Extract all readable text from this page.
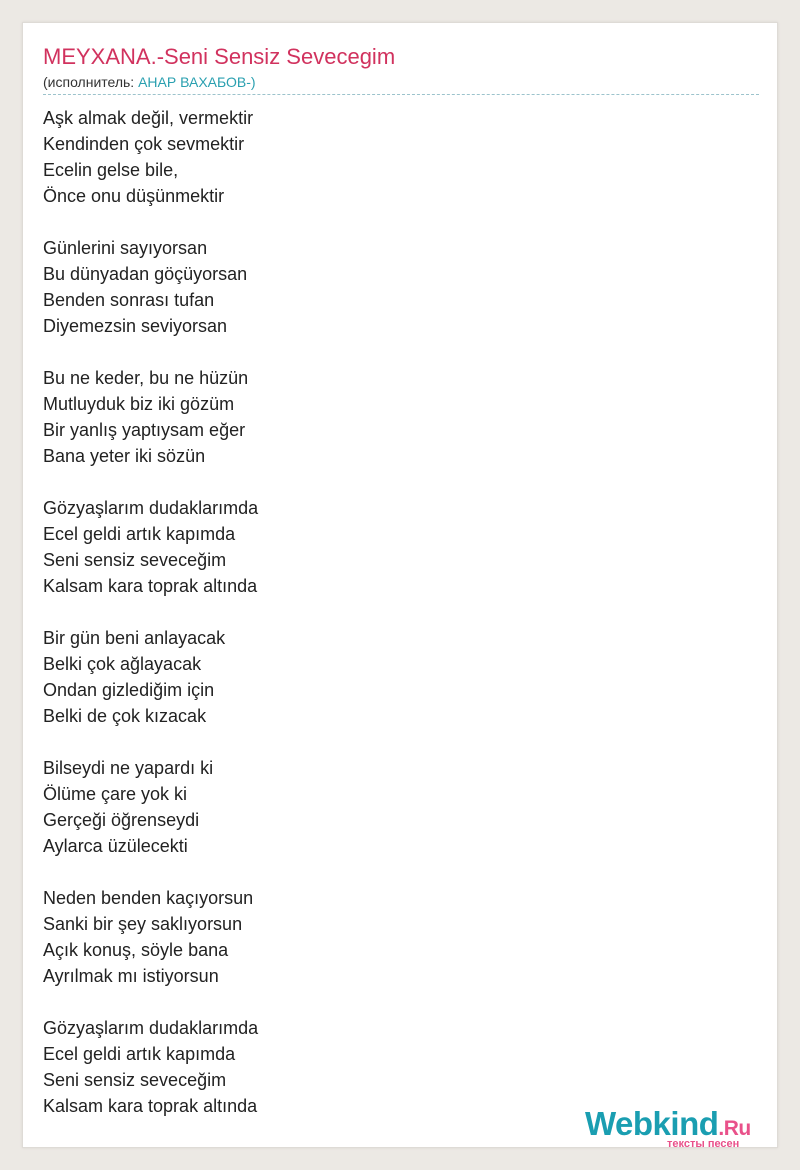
MEYXANA.-Seni Sensiz Sevecegim
(исполнитель: АНАР ВАХАБОВ-)
Aşk almak değil, vermektir
Kendinden çok sevmektir
Ecelin gelse bile,
Önce onu düşünmektir
Günlerini sayıyorsan
Bu dünyadan göçüyorsan
Benden sonrası tufan
Diyemezsin seviyorsan
Bu ne keder, bu ne hüzün
Mutluyduk biz iki gözüm
Bir yanlış yaptıysam eğer
Bana yeter iki sözün
Gözyaşlarım dudaklarımda
Ecel geldi artık kapımda
Seni sensiz seveceğim
Kalsam kara toprak altında
Bir gün beni anlayacak
Belki çok ağlayacak
Ondan gizlediğim için
Belki de çok kızacak
Bilseydi ne yapardı ki
Ölüme çare yok ki
Gerçeği öğrenseydi
Aylarca üzülecekti
Neden benden kaçıyorsun
Sanki bir şey saklıyorsun
Açık konuş, söyle bana
Ayrılmak mı istiyorsun
Gözyaşlarım dudaklarımda
Ecel geldi artık kapımda
Seni sensiz seveceğim
Kalsam kara toprak altında	Webkind.Ru
тексты песен
